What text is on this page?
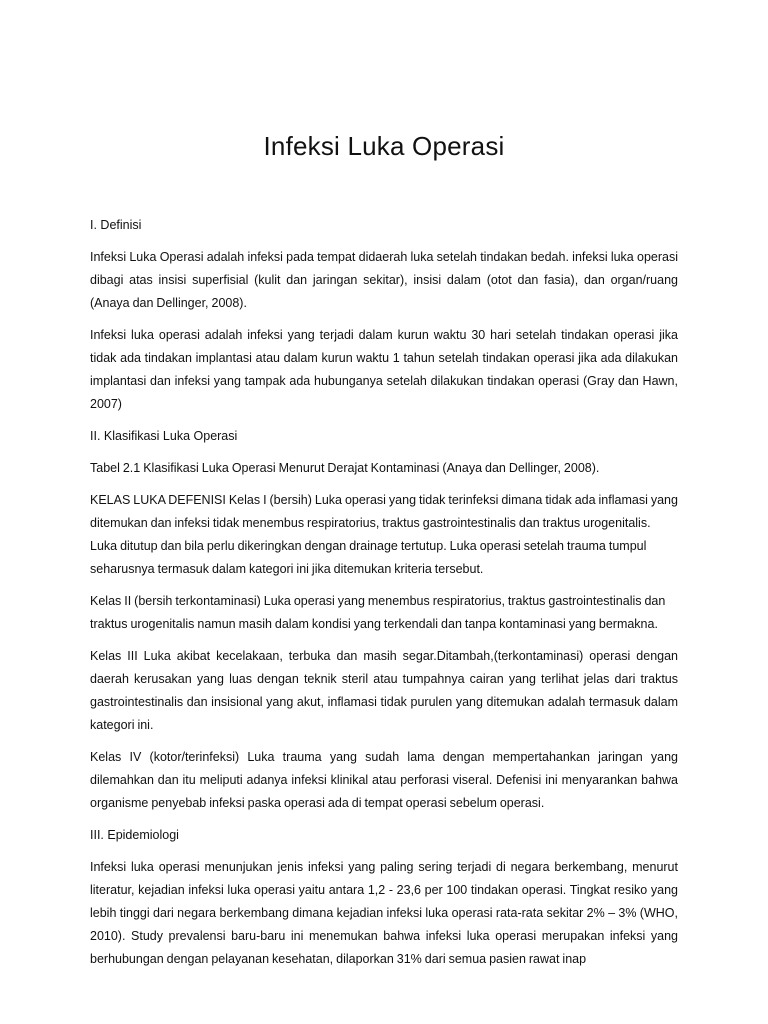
Infeksi Luka Operasi

I. Definisi

Infeksi Luka Operasi adalah infeksi pada tempat didaerah luka setelah tindakan bedah. infeksi luka operasi dibagi atas insisi superfisial (kulit dan jaringan sekitar), insisi dalam (otot dan fasia), dan organ/ruang (Anaya dan Dellinger, 2008).

Infeksi luka operasi adalah infeksi yang terjadi dalam kurun waktu 30 hari setelah tindakan operasi jika tidak ada tindakan implantasi atau dalam kurun waktu 1 tahun setelah tindakan operasi jika ada dilakukan implantasi dan infeksi yang tampak ada hubunganya setelah dilakukan tindakan operasi (Gray dan Hawn, 2007)

II. Klasifikasi Luka Operasi

Tabel 2.1 Klasifikasi Luka Operasi Menurut Derajat Kontaminasi (Anaya dan Dellinger, 2008).

KELAS LUKA DEFENISI Kelas I (bersih) Luka operasi yang tidak terinfeksi dimana tidak ada inflamasi yang ditemukan dan infeksi tidak menembus respiratorius, traktus gastrointestinalis dan traktus urogenitalis. Luka ditutup dan bila perlu dikeringkan dengan drainage tertutup. Luka operasi setelah trauma tumpul seharusnya termasuk dalam kategori ini jika ditemukan kriteria tersebut.

Kelas II (bersih terkontaminasi) Luka operasi yang menembus respiratorius, traktus gastrointestinalis dan traktus urogenitalis namun masih dalam kondisi yang terkendali dan tanpa kontaminasi yang bermakna.

Kelas III Luka akibat kecelakaan, terbuka dan masih segar.Ditambah,(terkontaminasi) operasi dengan daerah kerusakan yang luas dengan teknik steril atau tumpahnya cairan yang terlihat jelas dari traktus gastrointestinalis dan insisional yang akut, inflamasi tidak purulen yang ditemukan adalah termasuk dalam kategori ini.

Kelas IV (kotor/terinfeksi) Luka trauma yang sudah lama dengan mempertahankan jaringan yang dilemahkan dan itu meliputi adanya infeksi klinikal atau perforasi viseral. Defenisi ini menyarankan bahwa organisme penyebab infeksi paska operasi ada di tempat operasi sebelum operasi.

III. Epidemiologi

Infeksi luka operasi menunjukan jenis infeksi yang paling sering terjadi di negara berkembang, menurut literatur, kejadian infeksi luka operasi yaitu antara 1,2 - 23,6 per 100 tindakan operasi. Tingkat resiko yang lebih tinggi dari negara berkembang dimana kejadian infeksi luka operasi rata-rata sekitar 2% – 3% (WHO, 2010). Study prevalensi baru-baru ini menemukan bahwa infeksi luka operasi merupakan infeksi yang berhubungan dengan pelayanan kesehatan, dilaporkan 31% dari semua pasien rawat inap
